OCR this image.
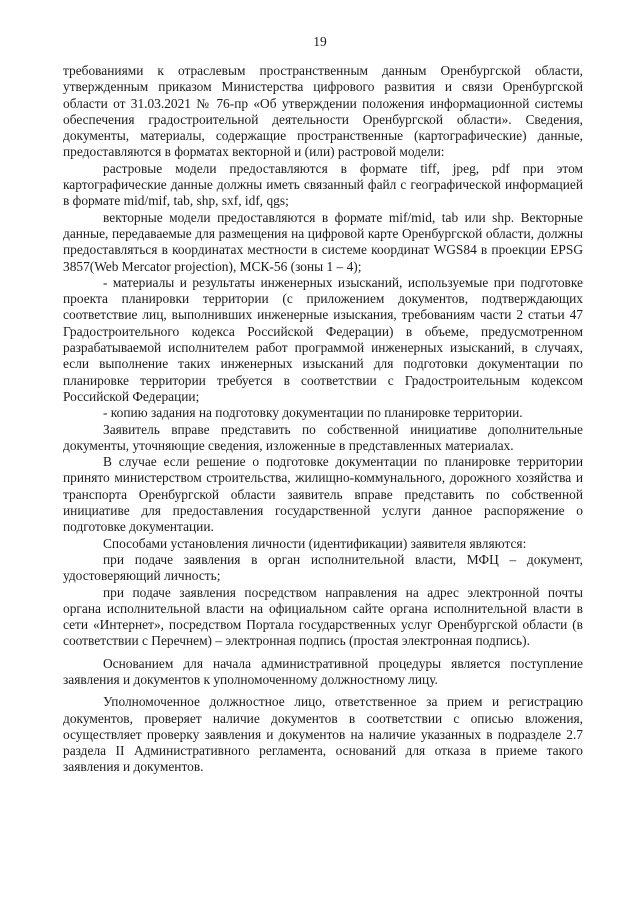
19

требованиями к отраслевым пространственным данным Оренбургской области, утвержденным приказом Министерства цифрового развития и связи Оренбургской области от 31.03.2021 № 76-пр «Об утверждении положения информационной системы обеспечения градостроительной деятельности Оренбургской области». Сведения, документы, материалы, содержащие пространственные (картографические) данные, предоставляются в форматах векторной и (или) растровой модели:

растровые модели предоставляются в формате tiff, jpeg, pdf при этом картографические данные должны иметь связанный файл с географической информацией в формате mid/mif, tab, shp, sxf, idf, qgs;

векторные модели предоставляются в формате mif/mid, tab или shp. Векторные данные, передаваемые для размещения на цифровой карте Оренбургской области, должны предоставляться в координатах местности в системе координат WGS84 в проекции EPSG 3857(Web Mercator projection), МСК-56 (зоны 1 – 4);

- материалы и результаты инженерных изысканий, используемые при подготовке проекта планировки территории (с приложением документов, подтверждающих соответствие лиц, выполнивших инженерные изыскания, требованиям части 2 статьи 47 Градостроительного кодекса Российской Федерации) в объеме, предусмотренном разрабатываемой исполнителем работ программой инженерных изысканий, в случаях, если выполнение таких инженерных изысканий для подготовки документации по планировке территории требуется в соответствии с Градостроительным кодексом Российской Федерации;

- копию задания на подготовку документации по планировке территории.

Заявитель вправе представить по собственной инициативе дополнительные документы, уточняющие сведения, изложенные в представленных материалах.

В случае если решение о подготовке документации по планировке территории принято министерством строительства, жилищно-коммунального, дорожного хозяйства и транспорта Оренбургской области заявитель вправе представить по собственной инициативе для предоставления государственной услуги данное распоряжение о подготовке документации.

Способами установления личности (идентификации) заявителя являются:

при подаче заявления в орган исполнительной власти, МФЦ – документ, удостоверяющий личность;

при подаче заявления посредством направления на адрес электронной почты органа исполнительной власти на официальном сайте органа исполнительной власти в сети «Интернет», посредством Портала государственных услуг Оренбургской области (в соответствии с Перечнем) – электронная подпись (простая электронная подпись).

Основанием для начала административной процедуры является поступление заявления и документов к уполномоченному должностному лицу.

Уполномоченное должностное лицо, ответственное за прием и регистрацию документов, проверяет наличие документов в соответствии с описью вложения, осуществляет проверку заявления и документов на наличие указанных в подразделе 2.7 раздела II Административного регламента, оснований для отказа в приеме такого заявления и документов.
